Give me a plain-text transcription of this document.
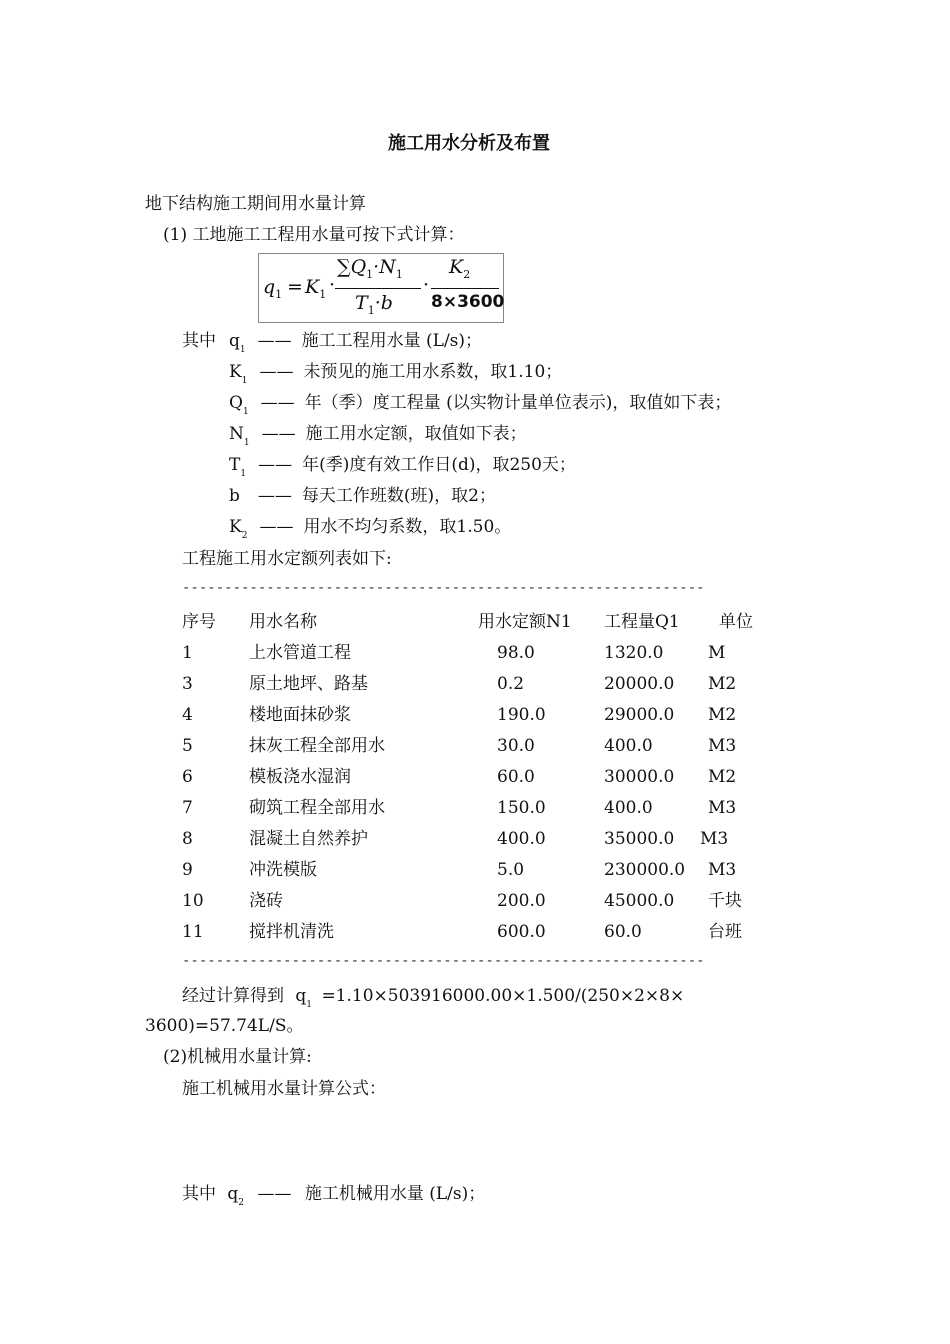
施工用水分析及布置
地下结构施工期间用水量计算
(1) 工地施工工程用水量可按下式计算：
$q_1 = K_1$ ·
$\sum Q_1\cdot N_1$
$T_1\cdot b$
·
$K_2$
8×3600
其中 $q_1$ —— 施工工程用水量 (L/s)；
$K_1$ —— 未预见的施工用水系数，取1.10；
$Q_1$ —— 年（季）度工程量 (以实物计量单位表示)，取值如下表；
$N_1$ —— 施工用水定额，取值如下表；
$T_1$ —— 年(季)度有效工作日(d)，取250天；
b —— 每天工作班数(班)，取2；
$K_2$ —— 用水不均匀系数，取1.50。
工程施工用水定额列表如下:
--------------------------------------------------------------
序号 用水名称	用水定额N1 工程量Q1 单位
1	上水管道工程	98.0	1320.0	M
3	原土地坪、路基	0.2	20000.0 M2
4	楼地面抹砂浆	190.0	29000.0 M2
5	抹灰工程全部用水	30.0	400.0	M3
6	模板浇水湿润	60.0	30000.0 M2
7	砌筑工程全部用水	150.0	400.0	M3
8	混凝土自然养护	400.0	35000.0 M3
9	冲洗模版	5.0	230000.0 M3
10	浇砖	200.0	45000.0 千块
11	搅拌机清洗	600.0	60.0	台班
--------------------------------------------------------------
经过计算得到 $q_1 =1.10\times 503916000.00\times 1.500/(250\times 2\times 8\times$
3600)=57.74L/S。
(2)机械用水量计算:
施工机械用水量计算公式：
其中 $q_2$ —— 施工机械用水量 (L/s)；
